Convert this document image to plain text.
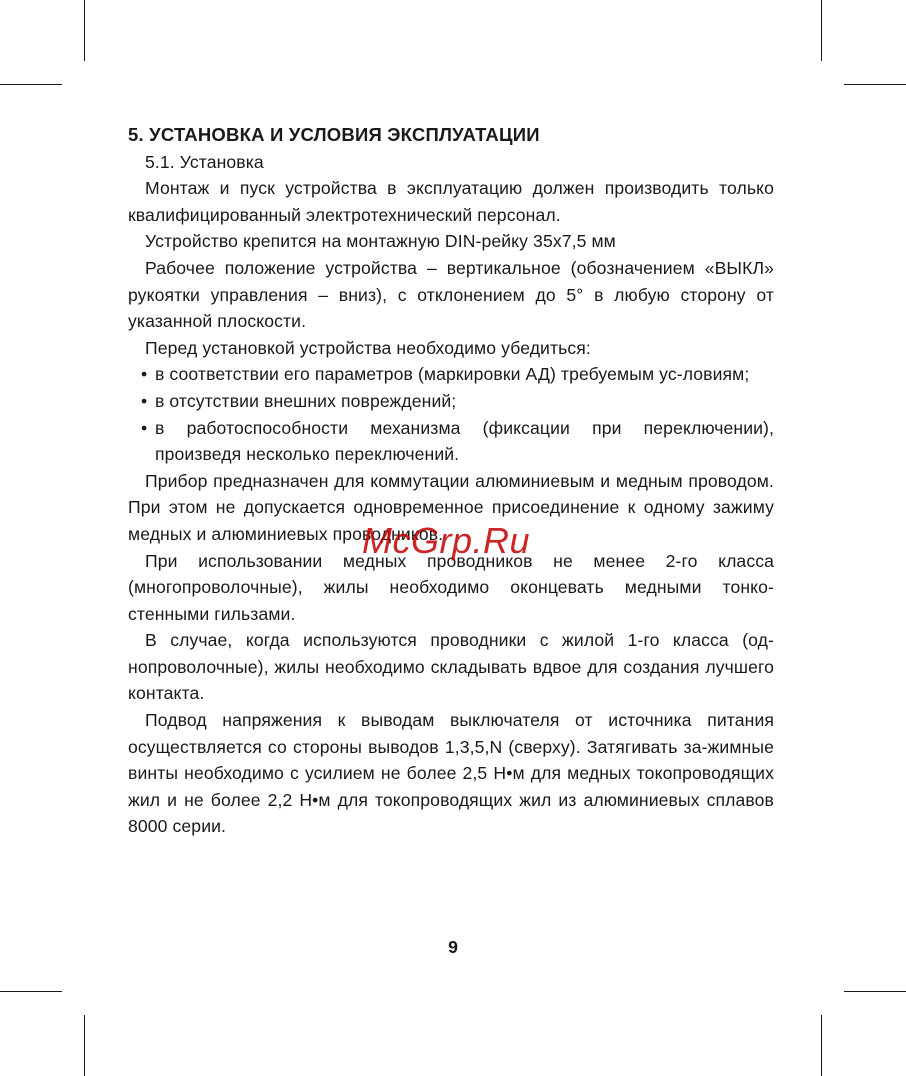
5. УСТАНОВКА И УСЛОВИЯ ЭКСПЛУАТАЦИИ

5.1. Установка

Монтаж и пуск устройства в эксплуатацию должен производить только квалифицированный электротехнический персонал.

Устройство крепится на монтажную DIN-рейку 35х7,5 мм

Рабочее положение устройства – вертикальное (обозначением «ВЫКЛ» рукоятки управления – вниз), с отклонением до 5° в любую сторону от указанной плоскости.

Перед установкой устройства необходимо убедиться:

• в соответствии его параметров (маркировки АД) требуемым ус-ловиям;
• в отсутствии внешних повреждений;
• в работоспособности механизма (фиксации при переключении), произведя несколько переключений.

Прибор предназначен для коммутации алюминиевым и медным проводом. При этом не допускается одновременное присоединение к одному зажиму медных и алюминиевых проводников.

При использовании медных проводников не менее 2-го класса (многопроволочные), жилы необходимо оконцевать медными тонко-стенными гильзами.

В случае, когда используются проводники с жилой 1-го класса (од-нопроволочные), жилы необходимо складывать вдвое для создания лучшего контакта.

Подвод напряжения к выводам выключателя от источника питания осуществляется со стороны выводов 1,3,5,N (сверху). Затягивать за-жимные винты необходимо с усилием не более 2,5 Н•м для медных токопроводящих жил и не более 2,2 Н•м для токопроводящих жил из алюминиевых сплавов 8000 серии.

McGrp.Ru
9
